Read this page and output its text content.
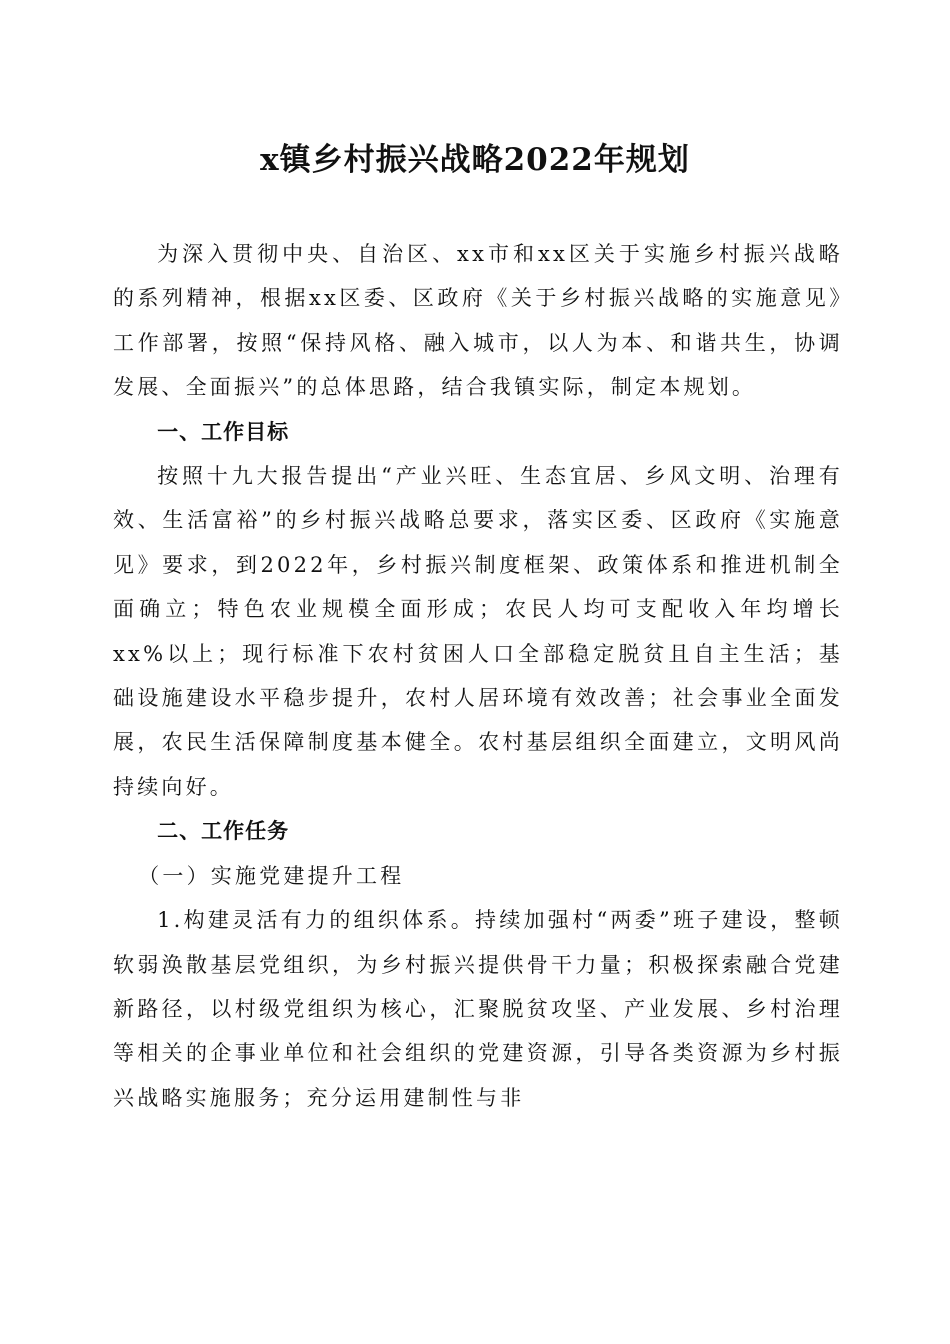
x镇乡村振兴战略2022年规划

为深入贯彻中央、自治区、xx市和xx区关于实施乡村振兴战略的系列精神，根据xx区委、区政府《关于乡村振兴战略的实施意见》工作部署，按照“保持风格、融入城市，以人为本、和谐共生，协调发展、全面振兴”的总体思路，结合我镇实际，制定本规划。

一、工作目标

按照十九大报告提出“产业兴旺、生态宜居、乡风文明、治理有效、生活富裕”的乡村振兴战略总要求，落实区委、区政府《实施意见》要求，到2022年，乡村振兴制度框架、政策体系和推进机制全面确立；特色农业规模全面形成；农民人均可支配收入年均增长xx%以上；现行标准下农村贫困人口全部稳定脱贫且自主生活；基础设施建设水平稳步提升，农村人居环境有效改善；社会事业全面发展，农民生活保障制度基本健全。农村基层组织全面建立，文明风尚持续向好。

二、工作任务

（一）实施党建提升工程

1.构建灵活有力的组织体系。持续加强村“两委”班子建设，整顿软弱涣散基层党组织，为乡村振兴提供骨干力量；积极探索融合党建新路径，以村级党组织为核心，汇聚脱贫攻坚、产业发展、乡村治理等相关的企事业单位和社会组织的党建资源，引导各类资源为乡村振兴战略实施服务；充分运用建制性与非
